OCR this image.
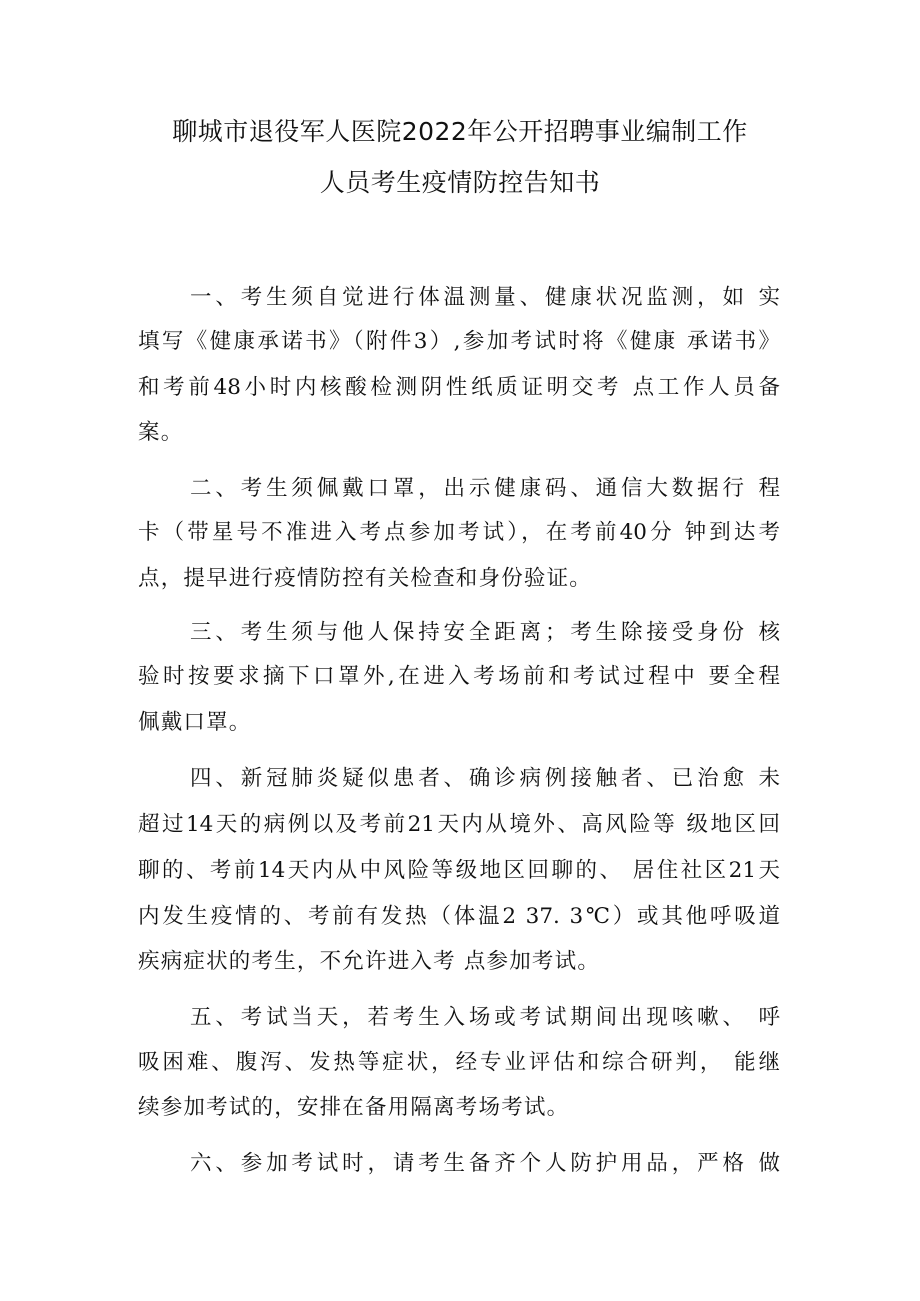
聊城市退役军人医院2022年公开招聘事业编制工作
人员考生疫情防控告知书
一、考生须自觉进行体温测量、健康状况监测，如 实
填写《健康承诺书》（附件3）,参加考试时将《健康 承诺书》
和考前48小时内核酸检测阴性纸质证明交考 点工作人员备
案。
二、考生须佩戴口罩，出示健康码、通信大数据行 程
卡（带星号不准进入考点参加考试），在考前40分 钟到达考
点，提早进行疫情防控有关检查和身份验证。
三、考生须与他人保持安全距离；考生除接受身份 核
验时按要求摘下口罩外,在进入考场前和考试过程中 要全程
佩戴口罩。
四、新冠肺炎疑似患者、确诊病例接触者、已治愈 未
超过14天的病例以及考前21天内从境外、高风险等 级地区回
聊的、考前14天内从中风险等级地区回聊的、 居住社区21天
内发生疫情的、考前有发热（体温2 37. 3℃）或其他呼吸道
疾病症状的考生，不允许进入考 点参加考试。
五、考试当天，若考生入场或考试期间出现咳嗽、 呼
吸困难、腹泻、发热等症状，经专业评估和综合研判， 能继
续参加考试的，安排在备用隔离考场考试。
六、参加考试时，请考生备齐个人防护用品，严格 做
